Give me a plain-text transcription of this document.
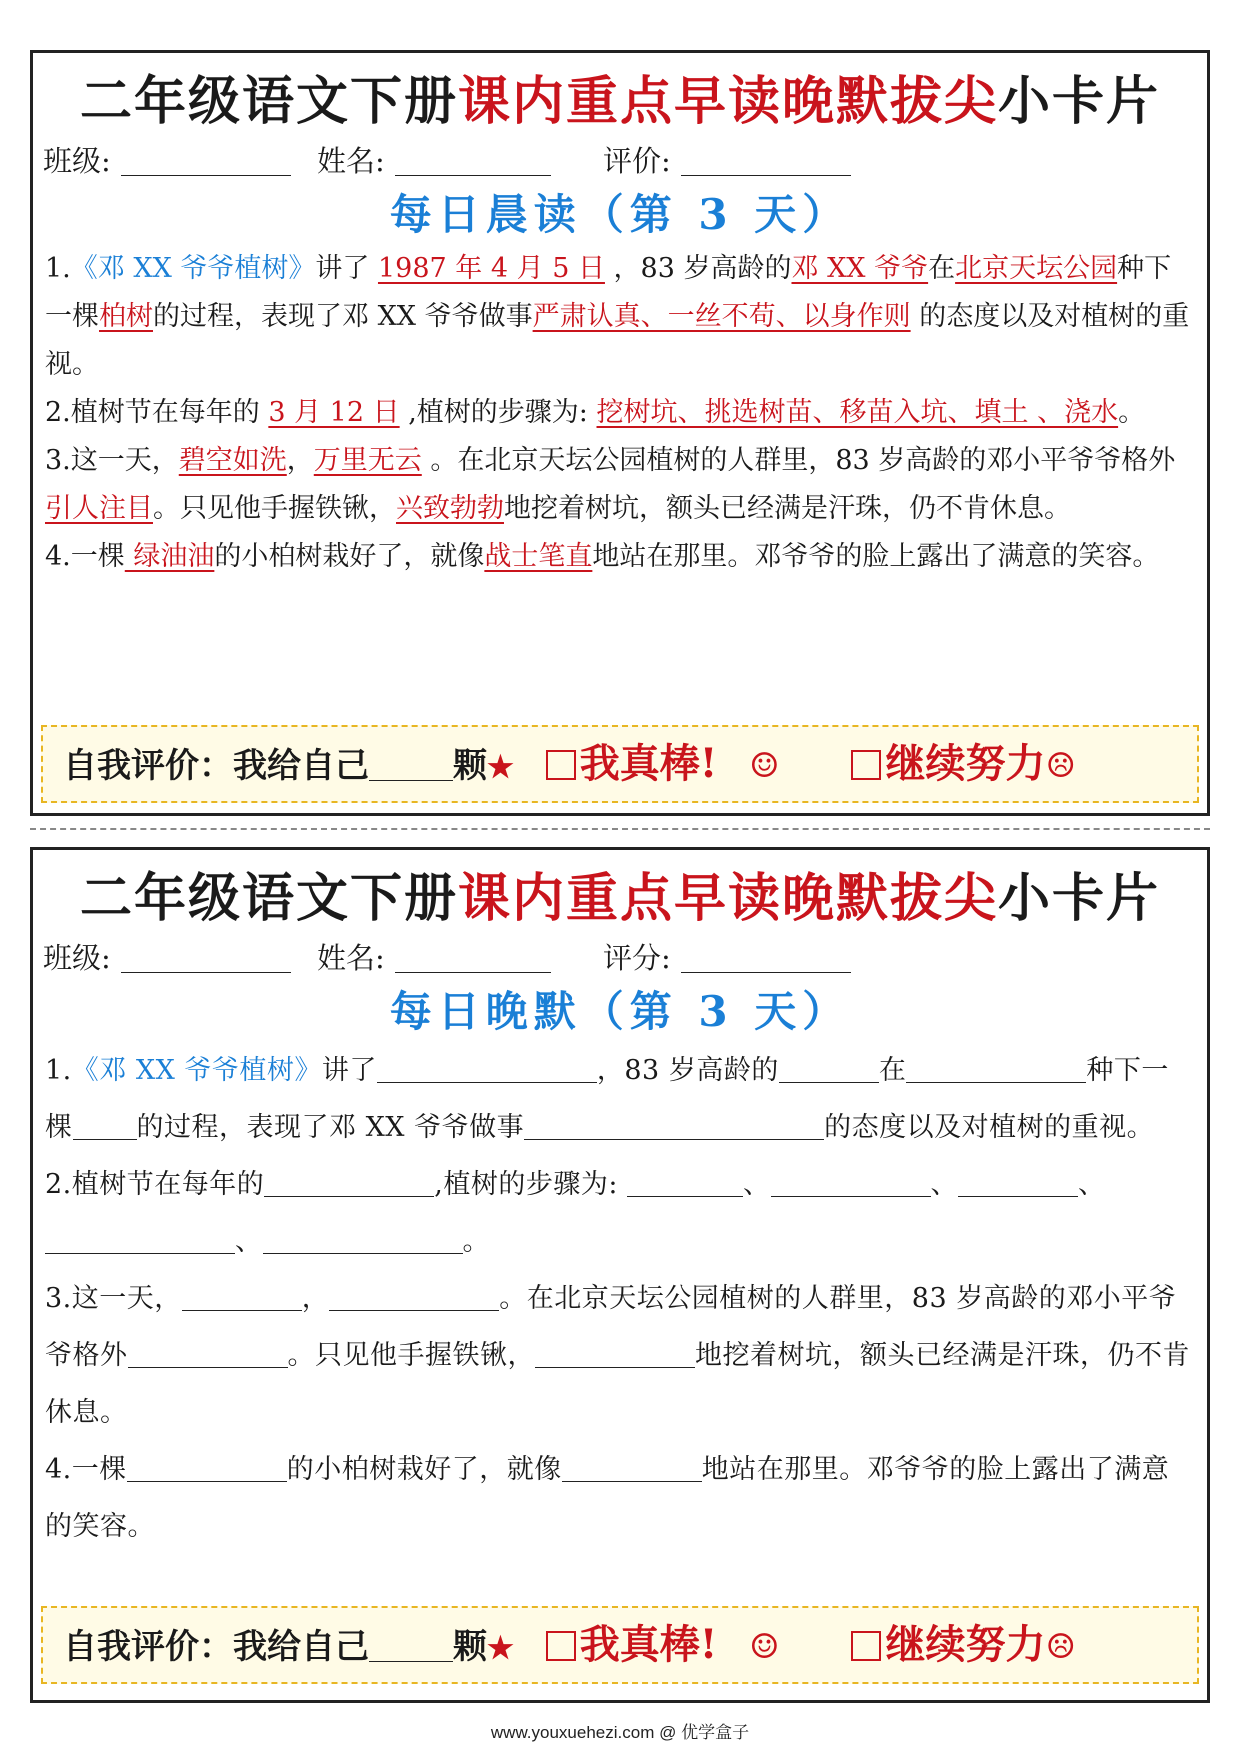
二年级语文下册课内重点早读晚默拔尖小卡片
班级:	姓名:	评价:
每日晨读（第 3 天）
1.《邓 XX 爷爷植树》讲了 1987 年 4 月 5 日 ，83 岁高龄的邓 XX 爷爷在北京天坛公园种下一棵柏树的过程，表现了邓 XX 爷爷做事严肃认真、一丝不苟、以身作则 的态度以及对植树的重视。
2.植树节在每年的 3 月 12 日 ,植树的步骤为: 挖树坑、挑选树苗、移苗入坑、填土 、浇水。
3.这一天，碧空如洗，万里无云 。在北京天坛公园植树的人群里，83 岁高龄的邓小平爷爷格外 引人注目。只见他手握铁锹，兴致勃勃地挖着树坑，额头已经满是汗珠，仍不肯休息。
4.一棵 绿油油的小柏树栽好了，就像战士笔直地站在那里。邓爷爷的脸上露出了满意的笑容。
自我评价：我给自己 颗★ 我真棒! ☺	继续努力☹
二年级语文下册课内重点早读晚默拔尖小卡片
班级:	姓名:	评分:
每日晚默（第 3 天）
1.《邓 XX 爷爷植树》讲了	，83 岁高龄的	在	种下一棵 的过程，表现了邓 XX 爷爷做事	的态度以及对植树的重视。
2.植树节在每年的	,植树的步骤为:	、	、	、、	。
3.这一天，	，	。在北京天坛公园植树的人群里，83 岁高龄的邓小平爷爷格外	。只见他手握铁锹，	地挖着树坑，额头已经满是汗珠，仍不肯休息。
4.一棵	的小柏树栽好了，就像	地站在那里。邓爷爷的脸上露出了满意的笑容。
自我评价：我给自己 颗★ 我真棒! ☺	继续努力☹
www.youxuehezi.com @ 优学盒子
